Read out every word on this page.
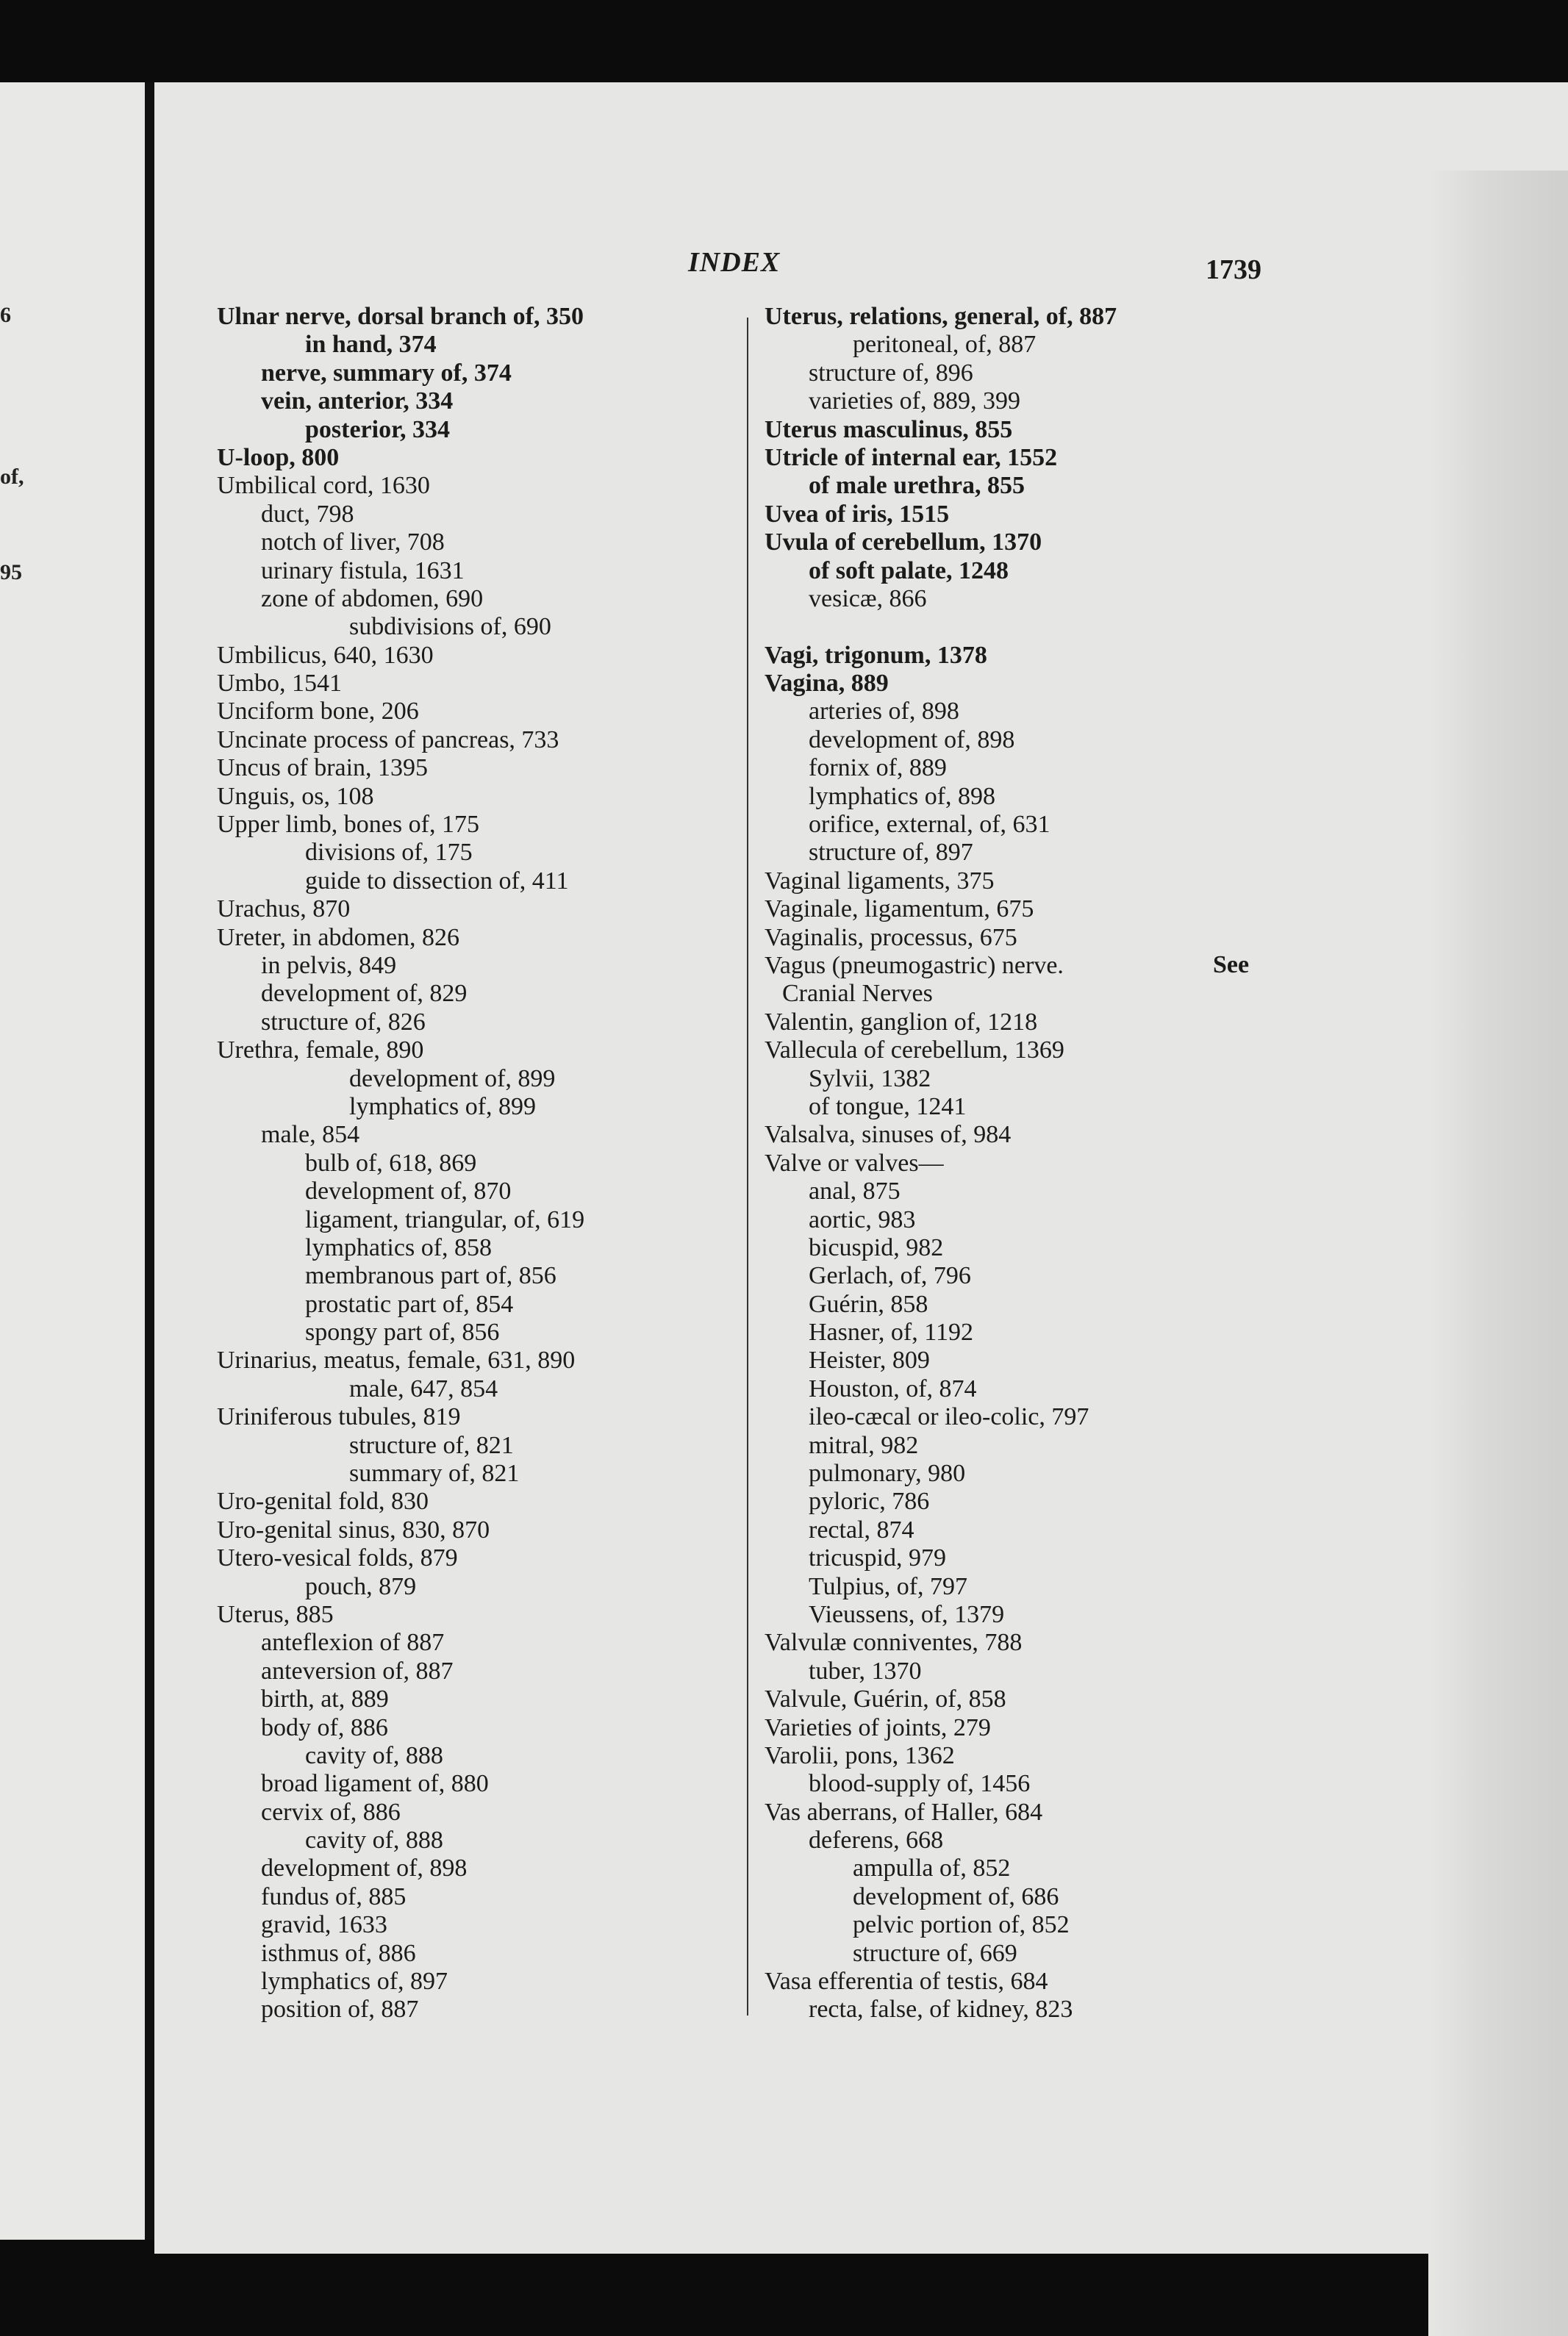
6
of,
95
INDEX	1739
Ulnar nerve, dorsal branch of, 350
in hand, 374
nerve, summary of, 374
vein, anterior, 334
posterior, 334
U-loop, 800
Umbilical cord, 1630
duct, 798
notch of liver, 708
urinary fistula, 1631
zone of abdomen, 690
subdivisions of, 690
Umbilicus, 640, 1630
Umbo, 1541
Unciform bone, 206
Uncinate process of pancreas, 733
Uncus of brain, 1395
Unguis, os, 108
Upper limb, bones of, 175
divisions of, 175
guide to dissection of, 411
Urachus, 870
Ureter, in abdomen, 826
in pelvis, 849
development of, 829
structure of, 826
Urethra, female, 890
development of, 899
lymphatics of, 899
male, 854
bulb of, 618, 869
development of, 870
ligament, triangular, of, 619
lymphatics of, 858
membranous part of, 856
prostatic part of, 854
spongy part of, 856
Urinarius, meatus, female, 631, 890
male, 647, 854
Uriniferous tubules, 819
structure of, 821
summary of, 821
Uro-genital fold, 830
Uro-genital sinus, 830, 870
Utero-vesical folds, 879
pouch, 879
Uterus, 885
anteflexion of 887
anteversion of, 887
birth, at, 889
body of, 886
cavity of, 888
broad ligament of, 880
cervix of, 886
cavity of, 888
development of, 898
fundus of, 885
gravid, 1633
isthmus of, 886
lymphatics of, 897
position of, 887
Uterus, relations, general, of, 887
peritoneal, of, 887
structure of, 896
varieties of, 889, 399
Uterus masculinus, 855
Utricle of internal ear, 1552
of male urethra, 855
Uvea of iris, 1515
Uvula of cerebellum, 1370
of soft palate, 1248
vesicæ, 866
Vagi, trigonum, 1378
Vagina, 889
arteries of, 898
development of, 898
fornix of, 889
lymphatics of, 898
orifice, external, of, 631
structure of, 897
Vaginal ligaments, 375
Vaginale, ligamentum, 675
Vaginalis, processus, 675
Vagus (pneumogastric) nerve.
Cranial Nerves
Valentin, ganglion of, 1218
Vallecula of cerebellum, 1369
Sylvii, 1382
of tongue, 1241
Valsalva, sinuses of, 984
Valve or valves—
anal, 875
aortic, 983
bicuspid, 982
Gerlach, of, 796
Guérin, 858
Hasner, of, 1192
Heister, 809
Houston, of, 874
ileo-cæcal or ileo-colic, 797
mitral, 982
pulmonary, 980
pyloric, 786
rectal, 874
tricuspid, 979
Tulpius, of, 797
Vieussens, of, 1379
Valvulæ conniventes, 788
tuber, 1370
Valvule, Guérin, of, 858
Varieties of joints, 279
Varolii, pons, 1362
blood-supply of, 1456
Vas aberrans, of Haller, 684
deferens, 668
ampulla of, 852
development of, 686
pelvic portion of, 852
structure of, 669
Vasa efferentia of testis, 684
recta, false, of kidney, 823
See
